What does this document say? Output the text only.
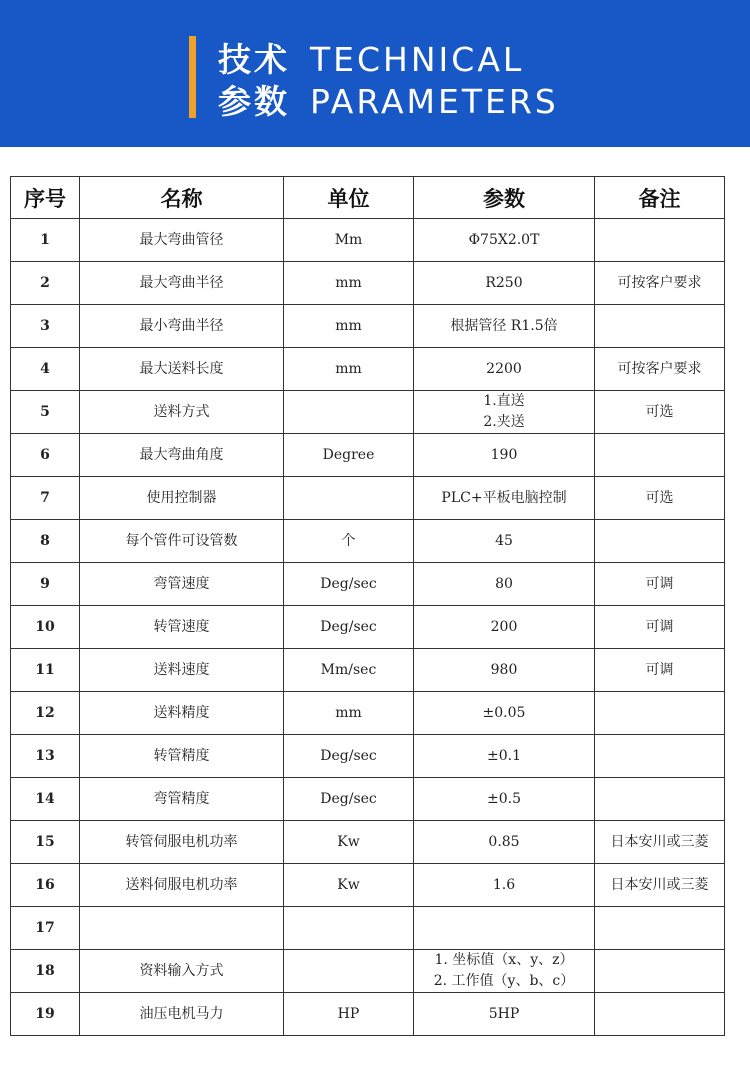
技术 TECHNICAL
参数 PARAMETERS
序号	名称	单位	参数	备注
1	最大弯曲管径	Mm	Φ75X2.0T	

2	最大弯曲半径	mm	R250	可按客户要求
3	最小弯曲半径	mm	根据管径 R1.5倍	

4	最大送料长度	mm	2200	可按客户要求
5	送料方式		1.直送
2.夹送	可选
6	最大弯曲角度	Degree	190	

7	使用控制器		PLC+平板电脑控制	可选
8	每个管件可设管数	个	45	

9	弯管速度	Deg/sec	80	可调
10	转管速度	Deg/sec	200	可调
11	送料速度	Mm/sec	980	可调
12	送料精度	mm	±0.05	

13	转管精度	Deg/sec	±0.1	

14	弯管精度	Deg/sec	±0.5	

15	转管伺服电机功率	Kw	0.85	日本安川或三菱
16	送料伺服电机功率	Kw	1.6	日本安川或三菱
17			

18	资料输入方式		1. 坐标值（x、y、z）
2. 工作值（y、b、c）	

19	油压电机马力	HP	5HP	
